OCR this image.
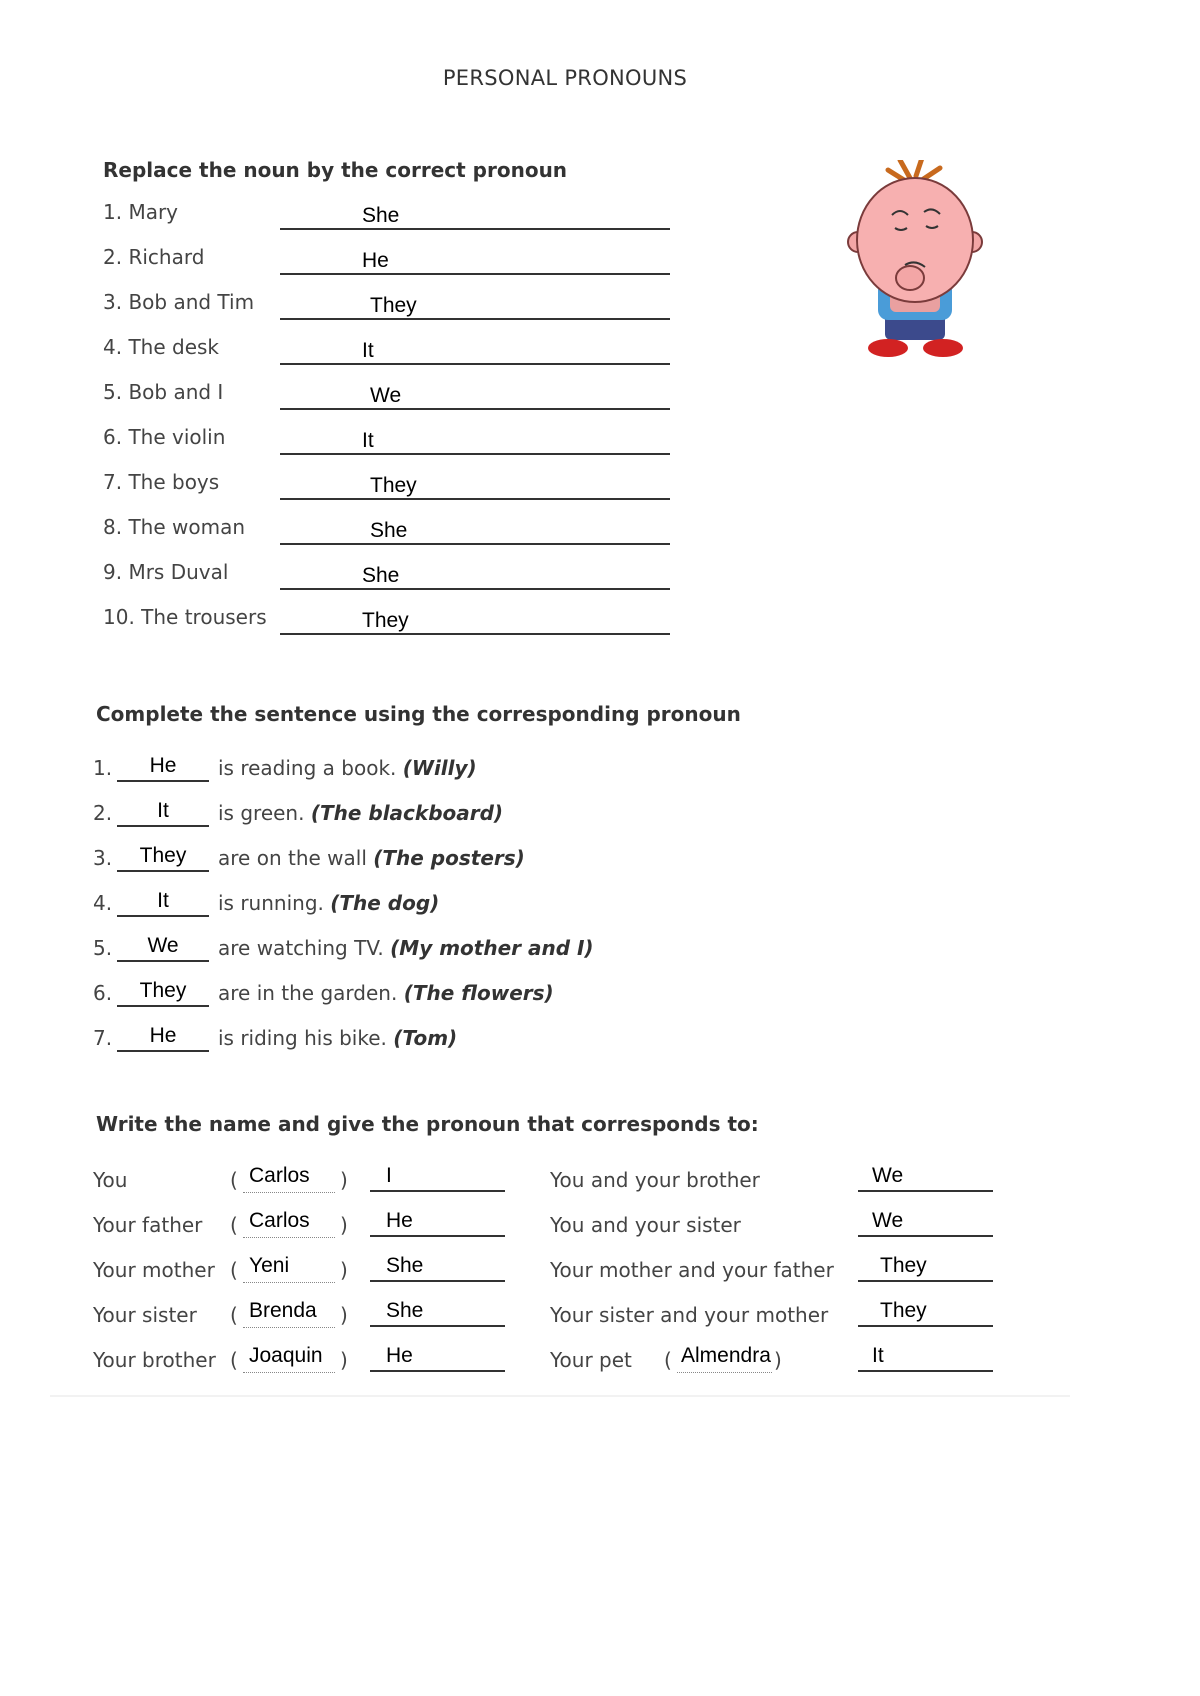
PERSONAL PRONOUNS
Replace the noun by the correct pronoun
1. Mary	She
2. Richard	He
3. Bob and Tim	They
4. The desk	It
5. Bob and I	We
6. The violin	It
7. The boys	They
8. The woman	She
9. Mrs Duval	She
10. The trousers	They
Complete the sentence using the corresponding pronoun
1.	He	is reading a book. (Willy)
2.	It	is green. (The blackboard)
3.	They	are on the wall (The posters)
4.	It	is running. (The dog)
5.	We	are watching TV. (My mother and I)
6.	They	are in the garden. (The flowers)
7.	He	is riding his bike. (Tom)
Write the name and give the pronoun that corresponds to:
You	( Carlos ) I
Your father ( Carlos ) He
Your mother ( Yeni	) She
Your sister ( Brenda ) She
Your brother ( Joaquin ) He
You and your brother	We
You and your sister	We
Your mother and your father They
Your sister and your mother They
Your pet ( Almendra )	It
